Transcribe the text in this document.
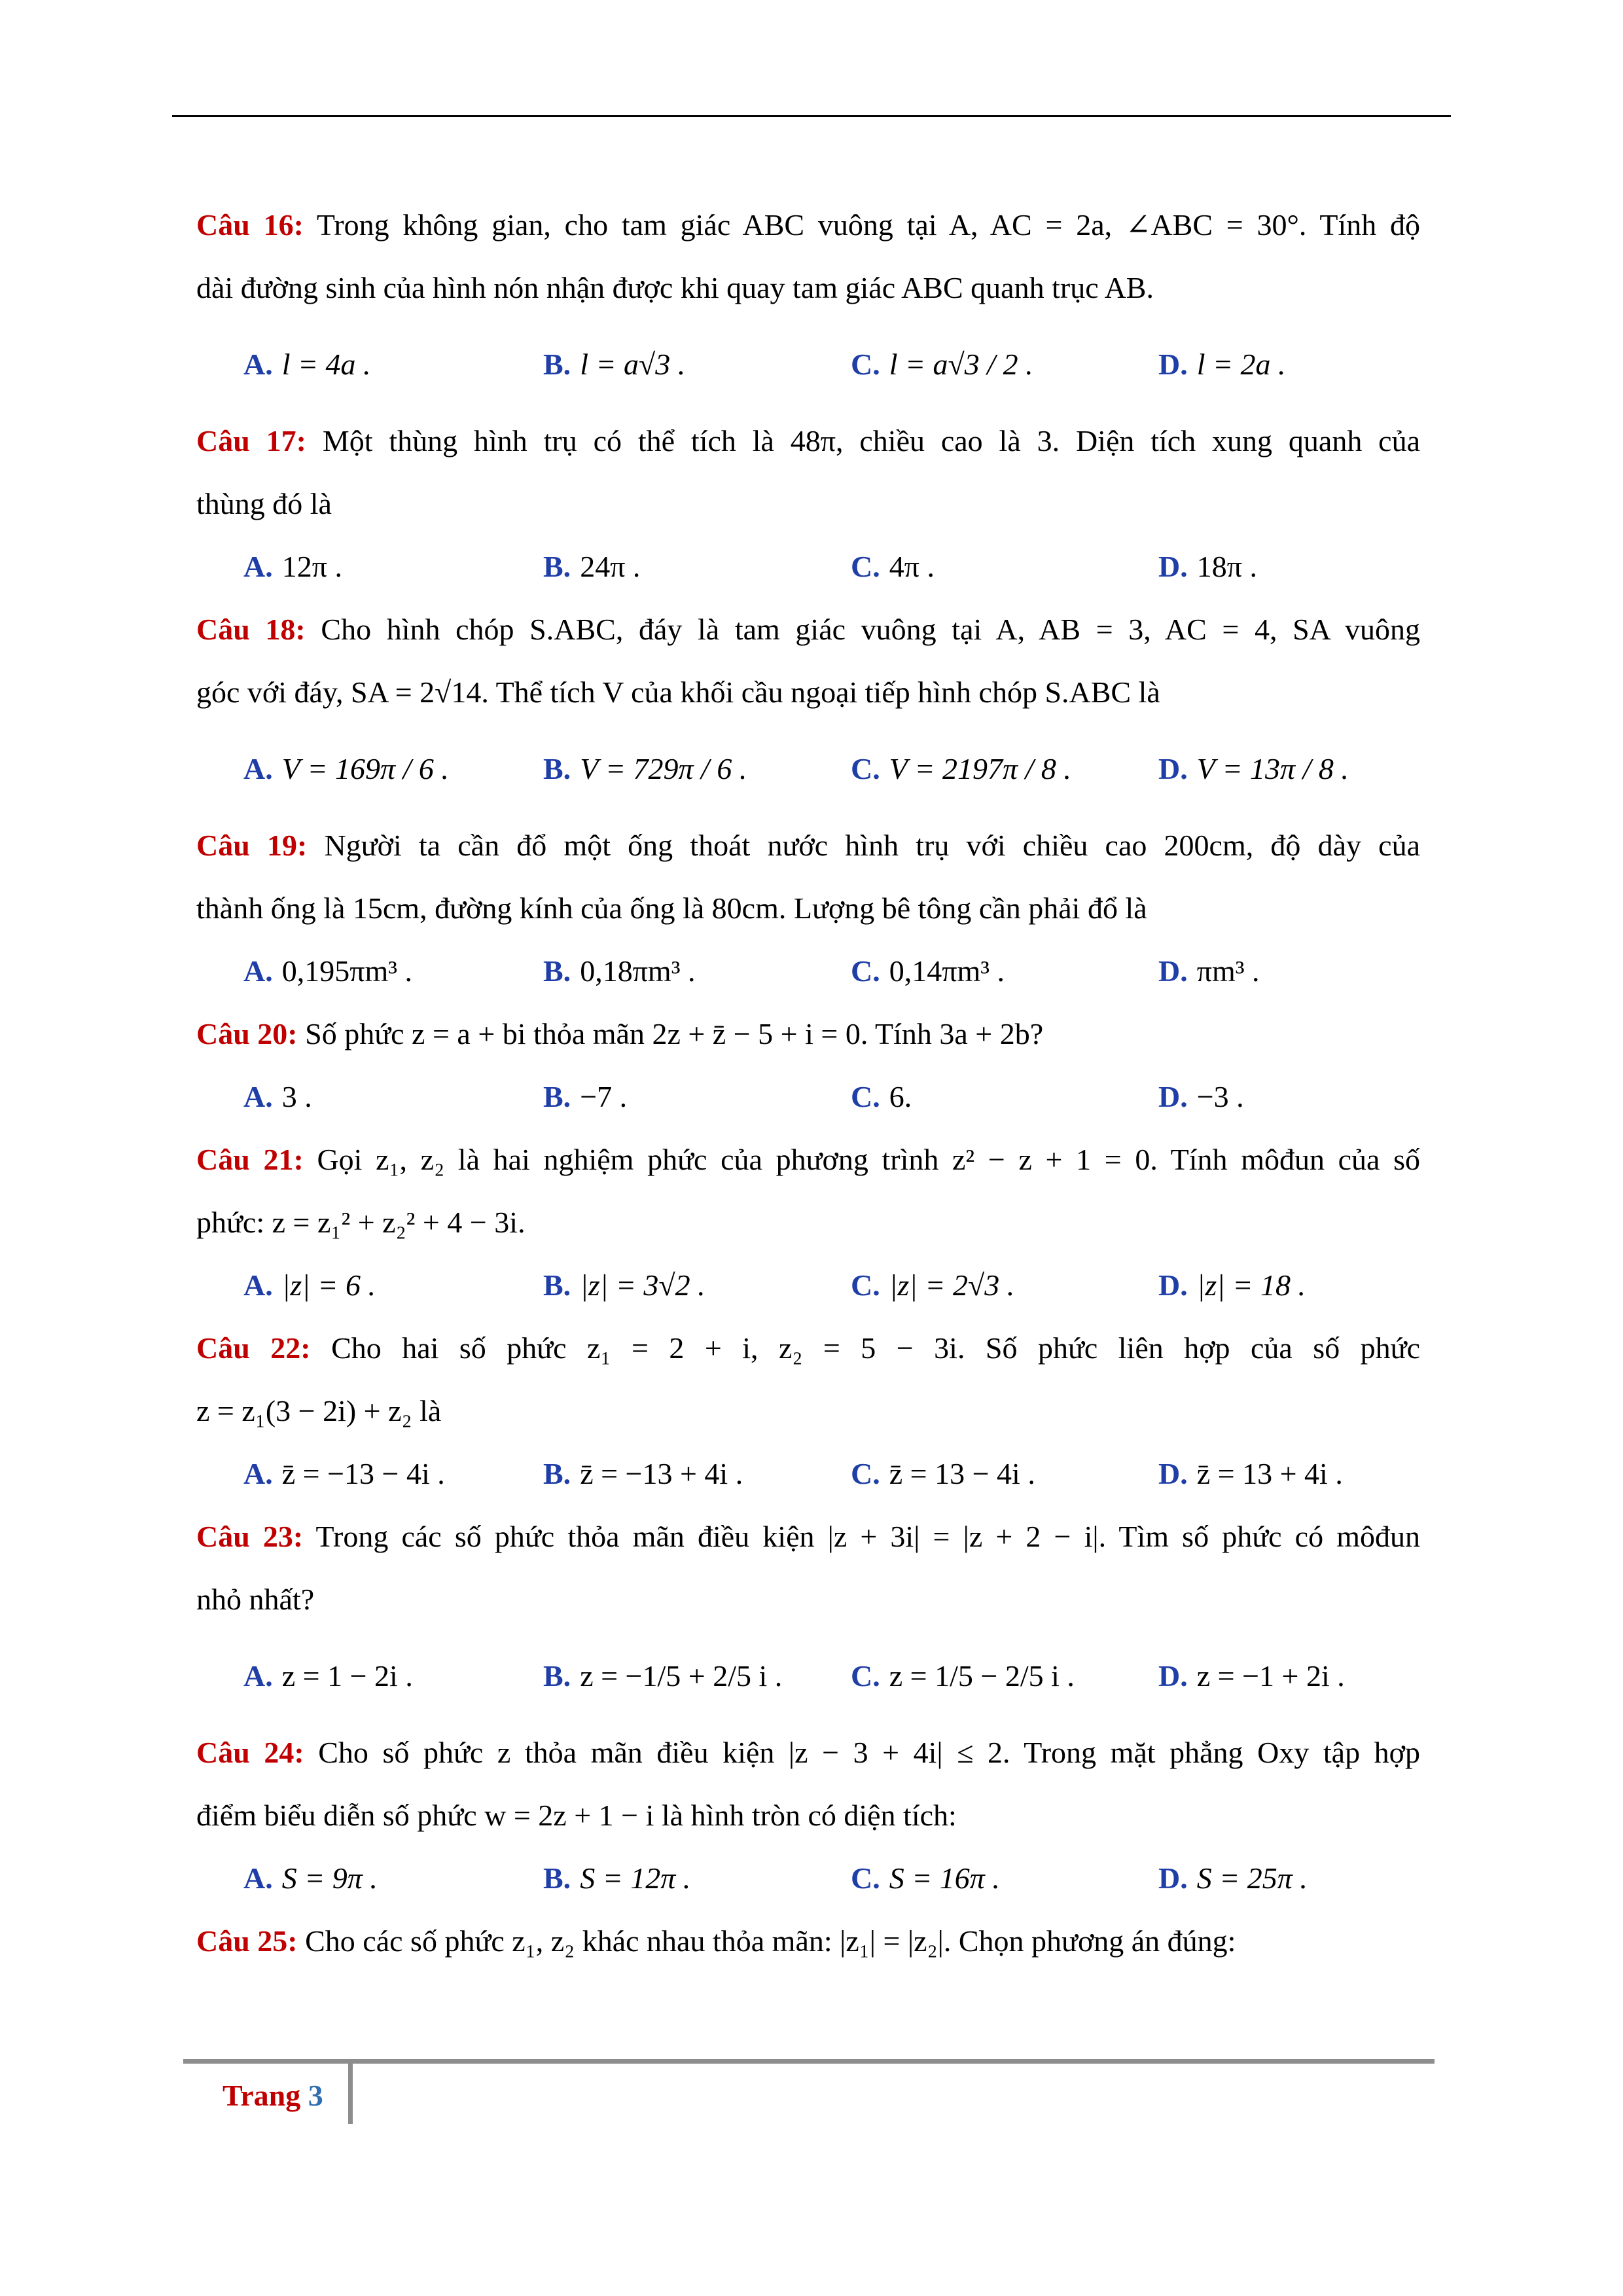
Câu 16: Trong không gian, cho tam giác ABC vuông tại A, AC = 2a, ∠ABC = 30°. Tính độ
dài đường sinh của hình nón nhận được khi quay tam giác ABC quanh trục AB.
A. l = 4a .	B. l = a√3 .	C. l = a√3 / 2 .	D. l = 2a .
Câu 17: Một thùng hình trụ có thể tích là 48π, chiều cao là 3. Diện tích xung quanh của
thùng đó là
A. 12π .	B. 24π .	C. 4π .	D. 18π .
Câu 18: Cho hình chóp S.ABC, đáy là tam giác vuông tại A, AB = 3, AC = 4, SA vuông
góc với đáy, SA = 2√14. Thể tích V của khối cầu ngoại tiếp hình chóp S.ABC là
A. V = 169π / 6 .	B. V = 729π / 6 .	C. V = 2197π / 8 .	D. V = 13π / 8 .
Câu 19: Người ta cần đổ một ống thoát nước hình trụ với chiều cao 200cm, độ dày của
thành ống là 15cm, đường kính của ống là 80cm. Lượng bê tông cần phải đổ là
A. 0,195πm³ .	B. 0,18πm³ .	C. 0,14πm³ .	D. πm³ .
Câu 20: Số phức z = a + bi thỏa mãn 2z + z̄ − 5 + i = 0. Tính 3a + 2b?
A. 3 .	B. −7 .	C. 6.	D. −3 .
Câu 21: Gọi z₁, z₂ là hai nghiệm phức của phương trình z² − z + 1 = 0. Tính môđun của số
phức: z = z₁² + z₂² + 4 − 3i.
A. |z| = 6 .	B. |z| = 3√2 .	C. |z| = 2√3 .	D. |z| = 18 .
Câu 22: Cho hai số phức z₁ = 2 + i, z₂ = 5 − 3i. Số phức liên hợp của số phức
z = z₁(3 − 2i) + z₂ là
A. z̄ = −13 − 4i .	B. z̄ = −13 + 4i .	C. z̄ = 13 − 4i .	D. z̄ = 13 + 4i .
Câu 23: Trong các số phức thỏa mãn điều kiện |z + 3i| = |z + 2 − i|. Tìm số phức có môđun
nhỏ nhất?
A. z = 1 − 2i .	B. z = −1/5 + 2/5 i . C. z = 1/5 − 2/5 i .	D. z = −1 + 2i .
Câu 24: Cho số phức z thỏa mãn điều kiện |z − 3 + 4i| ≤ 2. Trong mặt phẳng Oxy tập hợp
điểm biểu diễn số phức w = 2z + 1 − i là hình tròn có diện tích:
A. S = 9π .	B. S = 12π .	C. S = 16π .	D. S = 25π .
Câu 25: Cho các số phức z₁, z₂ khác nhau thỏa mãn: |z₁| = |z₂|. Chọn phương án đúng:
Trang 3
